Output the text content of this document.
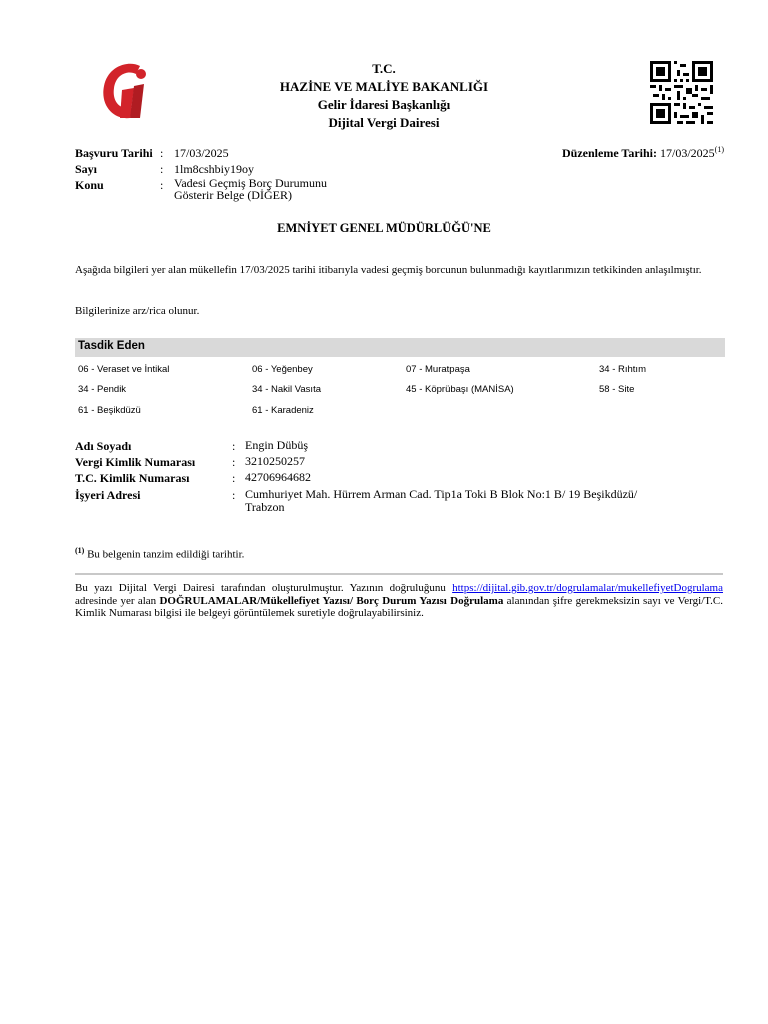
T.C.
HAZİNE VE MALİYE BAKANLIĞI
Gelir İdaresi Başkanlığı
Dijital Vergi Dairesi
Başvuru Tarihi : 17/03/2025
Sayı	: 1lm8cshbiy19oy
Konu	: Vadesi Geçmiş Borç Durumunu
Gösterir Belge (DİĞER)
Düzenleme Tarihi: 17/03/2025$^{(1)}$
EMNİYET GENEL MÜDÜRLÜĞÜ'NE
Aşağıda bilgileri yer alan mükellefin 17/03/2025 tarihi itibarıyla vadesi geçmiş borcunun bulunmadığı kayıtlarımızın tetkikinden anlaşılmıştır.
Bilgilerinize arz/rica olunur.
Tasdik Eden
06 - Veraset ve İntikal	06 - Yeğenbey	07 - Muratpaşa	34 - Rıhtım
34 - Pendik	34 - Nakil Vasıta	45 - Köprübaşı (MANİSA)	58 - Site
61 - Beşikdüzü	61 - Karadeniz
Adı Soyadı	: Engin Dübüş
Vergi Kimlik Numarası	: 3210250257
T.C. Kimlik Numarası	: 42706964682
İşyeri Adresi	: Cumhuriyet Mah. Hürrem Arman Cad. Tip1a Toki B Blok No:1 B/ 19 Beşikdüzü/
Trabzon
$^{(1)}$ Bu belgenin tanzim edildiği tarihtir.
Bu yazı Dijital Vergi Dairesi tarafından oluşturulmuştur. Yazının doğruluğunu https://dijital.gib.gov.tr/dogrulamalar/mukellefiyetDogrulama adresinde yer alan DOĞRULAMALAR/Mükellefiyet Yazısı/ Borç Durum Yazısı Doğrulama alanından şifre gerekmeksizin sayı ve Vergi/T.C. Kimlik Numarası bilgisi ile belgeyi görüntülemek suretiyle doğrulayabilirsiniz.
